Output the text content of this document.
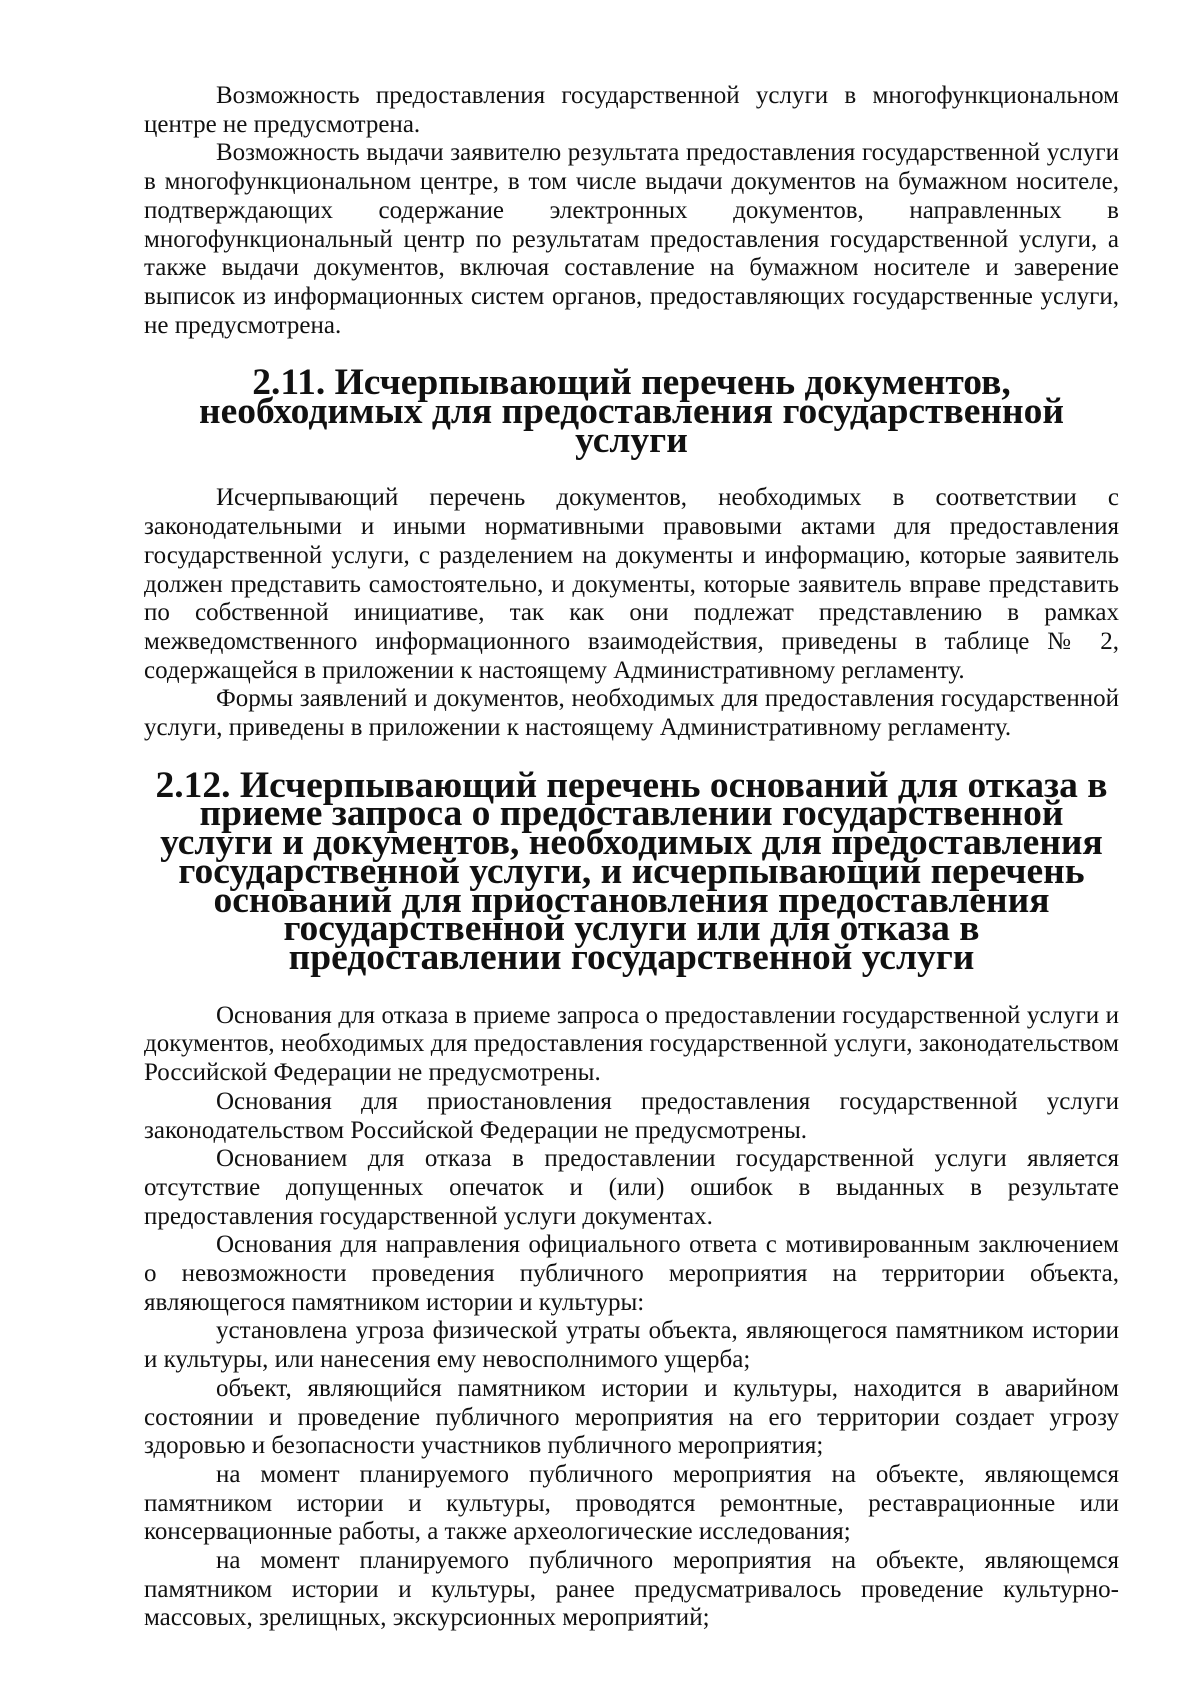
Возможность предоставления государственной услуги в многофункциональном центре не предусмотрена.

Возможность выдачи заявителю результата предоставления государственной услуги в многофункциональном центре, в том числе выдачи документов на бумажном носителе, подтверждающих содержание электронных документов, направленных в многофункциональный центр по результатам предоставления государственной услуги, а также выдачи документов, включая составление на бумажном носителе и заверение выписок из информационных систем органов, предоставляющих государственные услуги, не предусмотрена.

2.11. Исчерпывающий перечень документов, необходимых для предоставления государственной услуги

Исчерпывающий перечень документов, необходимых в соответствии с законодательными и иными нормативными правовыми актами для предоставления государственной услуги, с разделением на документы и информацию, которые заявитель должен представить самостоятельно, и документы, которые заявитель вправе представить по собственной инициативе, так как они подлежат представлению в рамках межведомственного информационного взаимодействия, приведены в таблице № 2, содержащейся в приложении к настоящему Административному регламенту.

Формы заявлений и документов, необходимых для предоставления государственной услуги, приведены в приложении к настоящему Административному регламенту.

2.12. Исчерпывающий перечень оснований для отказа в приеме запроса о предоставлении государственной услуги и документов, необходимых для предоставления государственной услуги, и исчерпывающий перечень оснований для приостановления предоставления государственной услуги или для отказа в предоставлении государственной услуги

Основания для отказа в приеме запроса о предоставлении государственной услуги и документов, необходимых для предоставления государственной услуги, законодательством Российской Федерации не предусмотрены.

Основания для приостановления предоставления государственной услуги законодательством Российской Федерации не предусмотрены.

Основанием для отказа в предоставлении государственной услуги является отсутствие допущенных опечаток и (или) ошибок в выданных в результате предоставления государственной услуги документах.

Основания для направления официального ответа с мотивированным заключением о невозможности проведения публичного мероприятия на территории объекта, являющегося памятником истории и культуры:

установлена угроза физической утраты объекта, являющегося памятником истории и культуры, или нанесения ему невосполнимого ущерба;

объект, являющийся памятником истории и культуры, находится в аварийном состоянии и проведение публичного мероприятия на его территории создает угрозу здоровью и безопасности участников публичного мероприятия;

на момент планируемого публичного мероприятия на объекте, являющемся памятником истории и культуры, проводятся ремонтные, реставрационные или консервационные работы, а также археологические исследования;

на момент планируемого публичного мероприятия на объекте, являющемся памятником истории и культуры, ранее предусматривалось проведение культурно-массовых, зрелищных, экскурсионных мероприятий;
